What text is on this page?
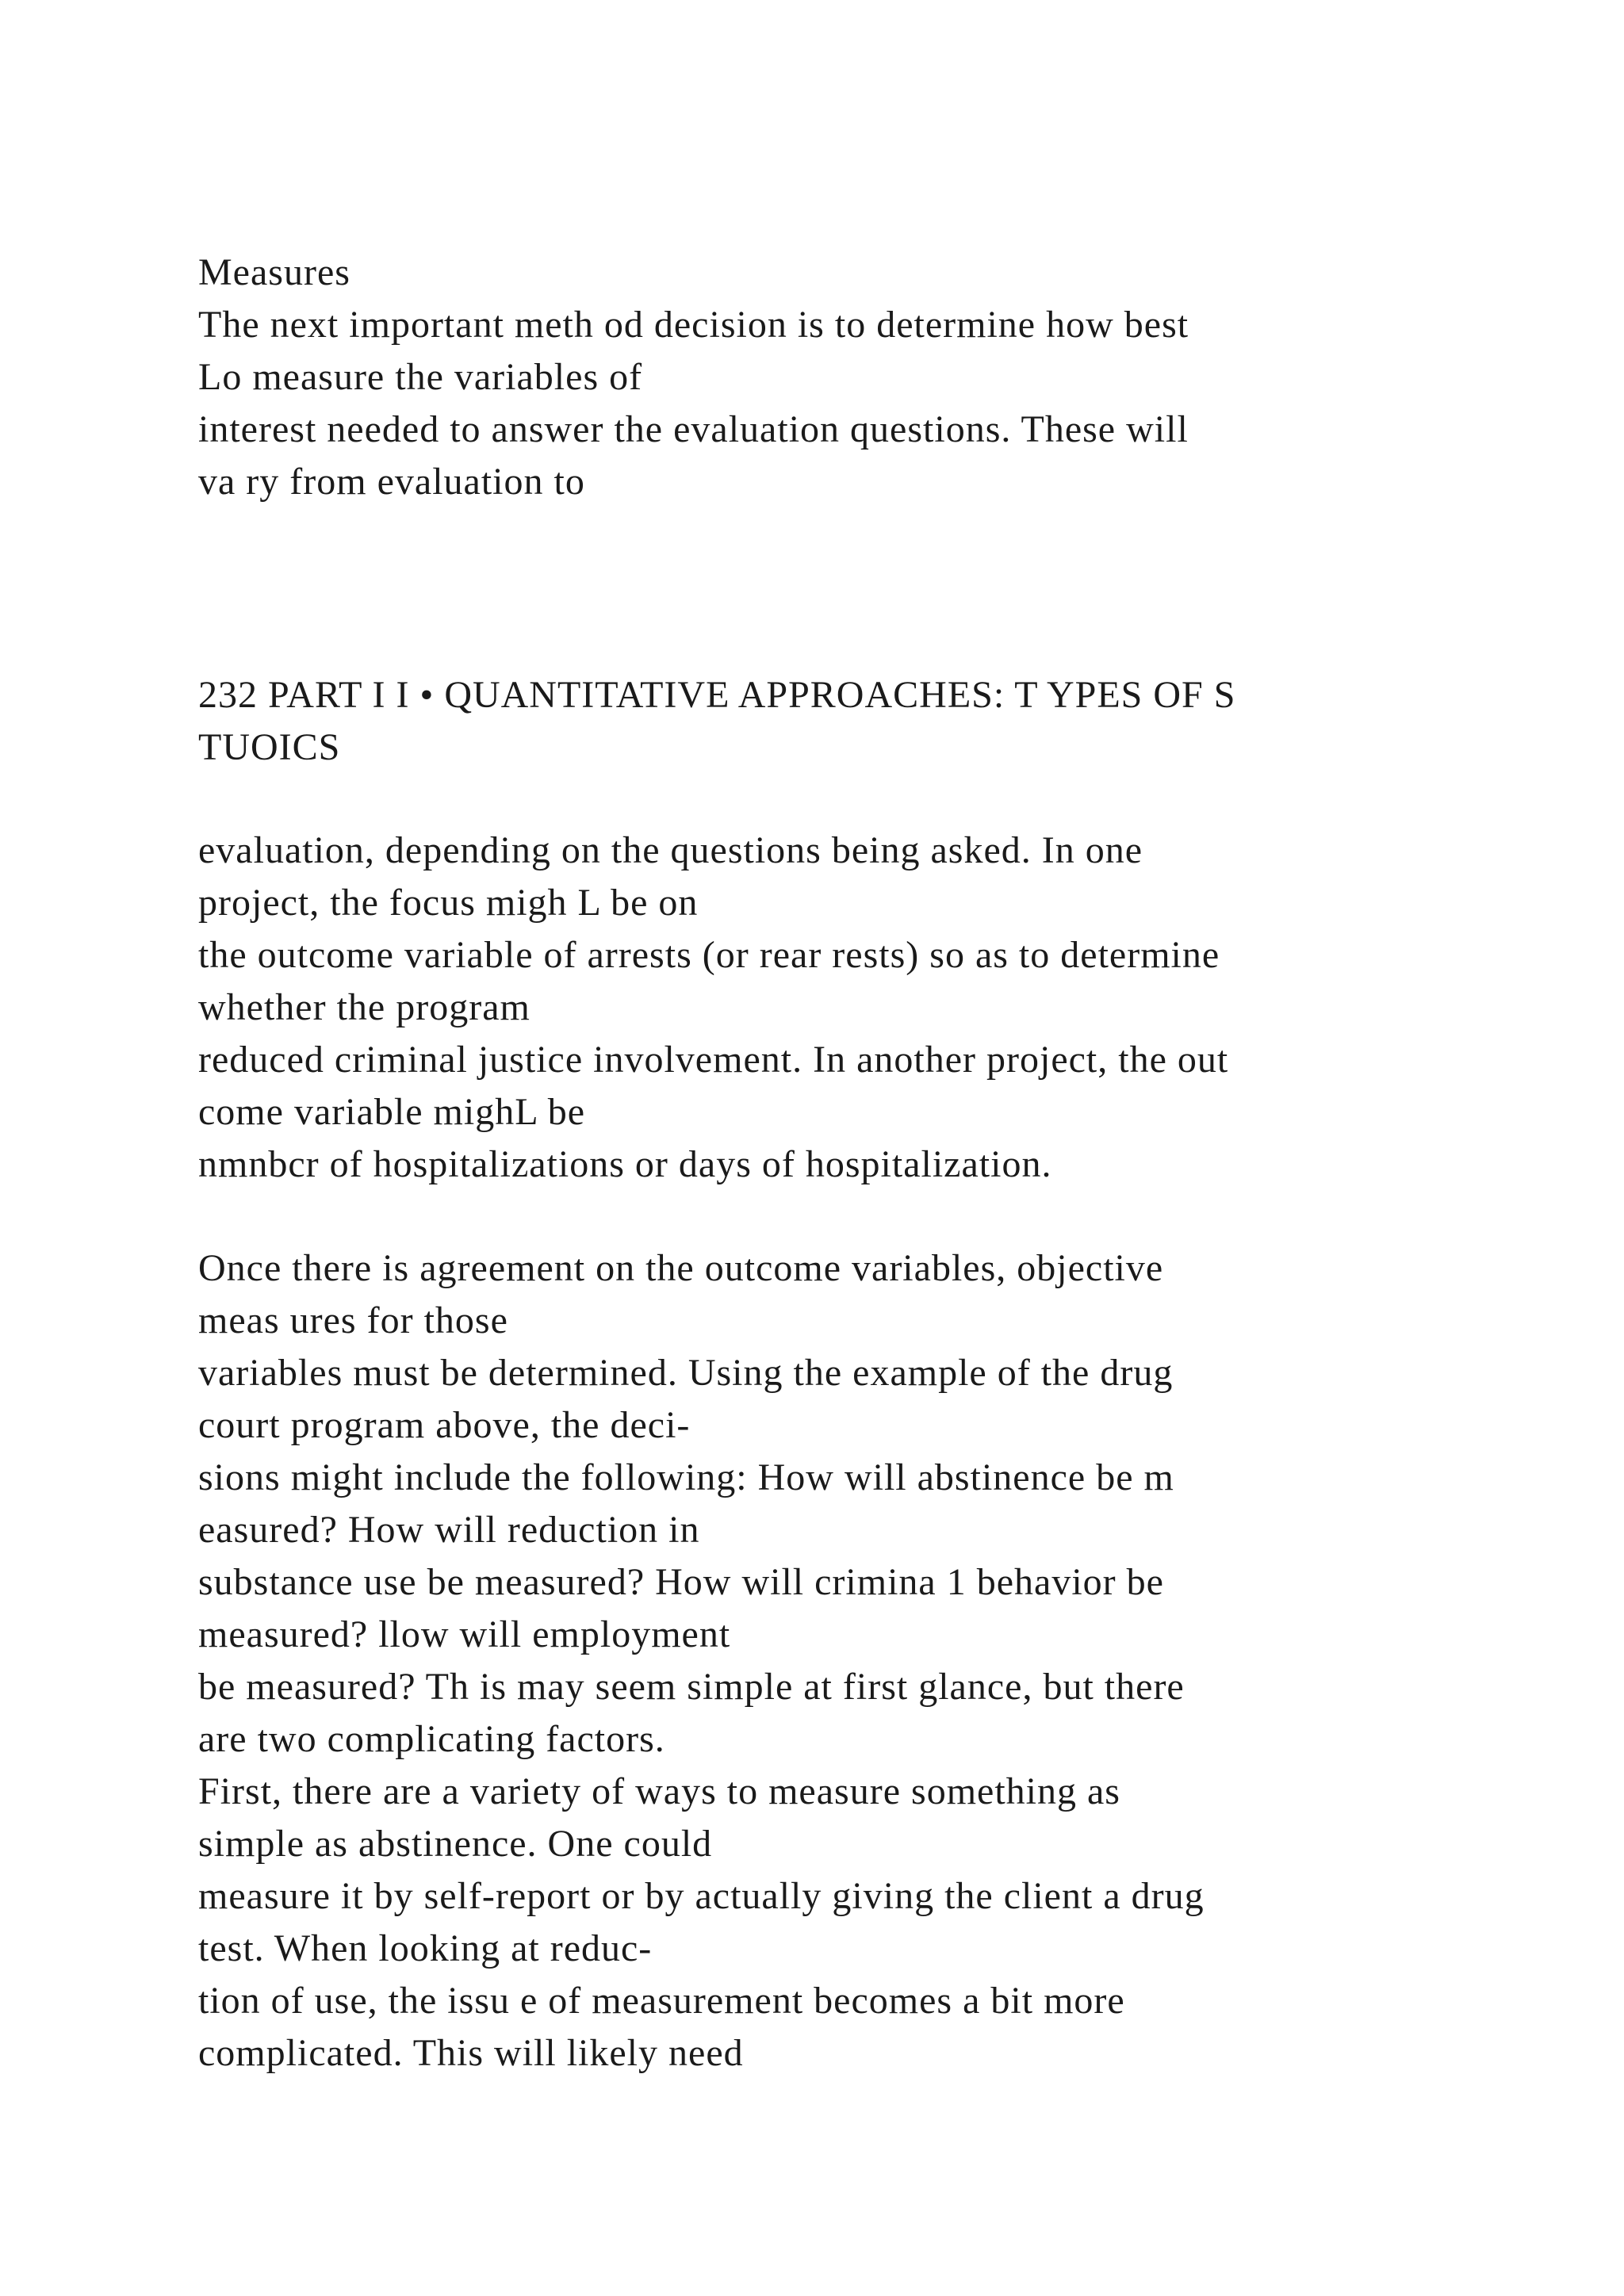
Measures
The next important meth od decision is to determine how best
Lo measure the variables of
interest needed to answer the evaluation questions. These will
va ry from evaluation to
232 PART I I • QUANTITATIVE APPROACHES: T YPES OF S
TUOICS
evaluation, depending on the questions being asked. In one
project, the focus migh L be on
the outcome variable of arrests (or rear rests) so as to determine
whether the program
reduced criminal justice involvement. In another project, the out
come variable mighL be
nmnbcr of hospitalizations or days of hospitalization.
Once there is agreement on the outcome variables, objective
meas ures for those
variables must be determined. Using the example of the drug
court program above, the deci-
sions might include the following: How will abstinence be m
easured? How will reduction in
substance use be measured? How will crimina 1 behavior be
measured? llow will employment
be measured? Th is may seem simple at first glance, but there
are two complicating factors.
First, there are a variety of ways to measure something as
simple as abstinence. One could
measure it by self-report or by actually giving the client a drug
test. When looking at reduc-
tion of use, the issu e of measurement becomes a bit more
complicated. This will likely need
